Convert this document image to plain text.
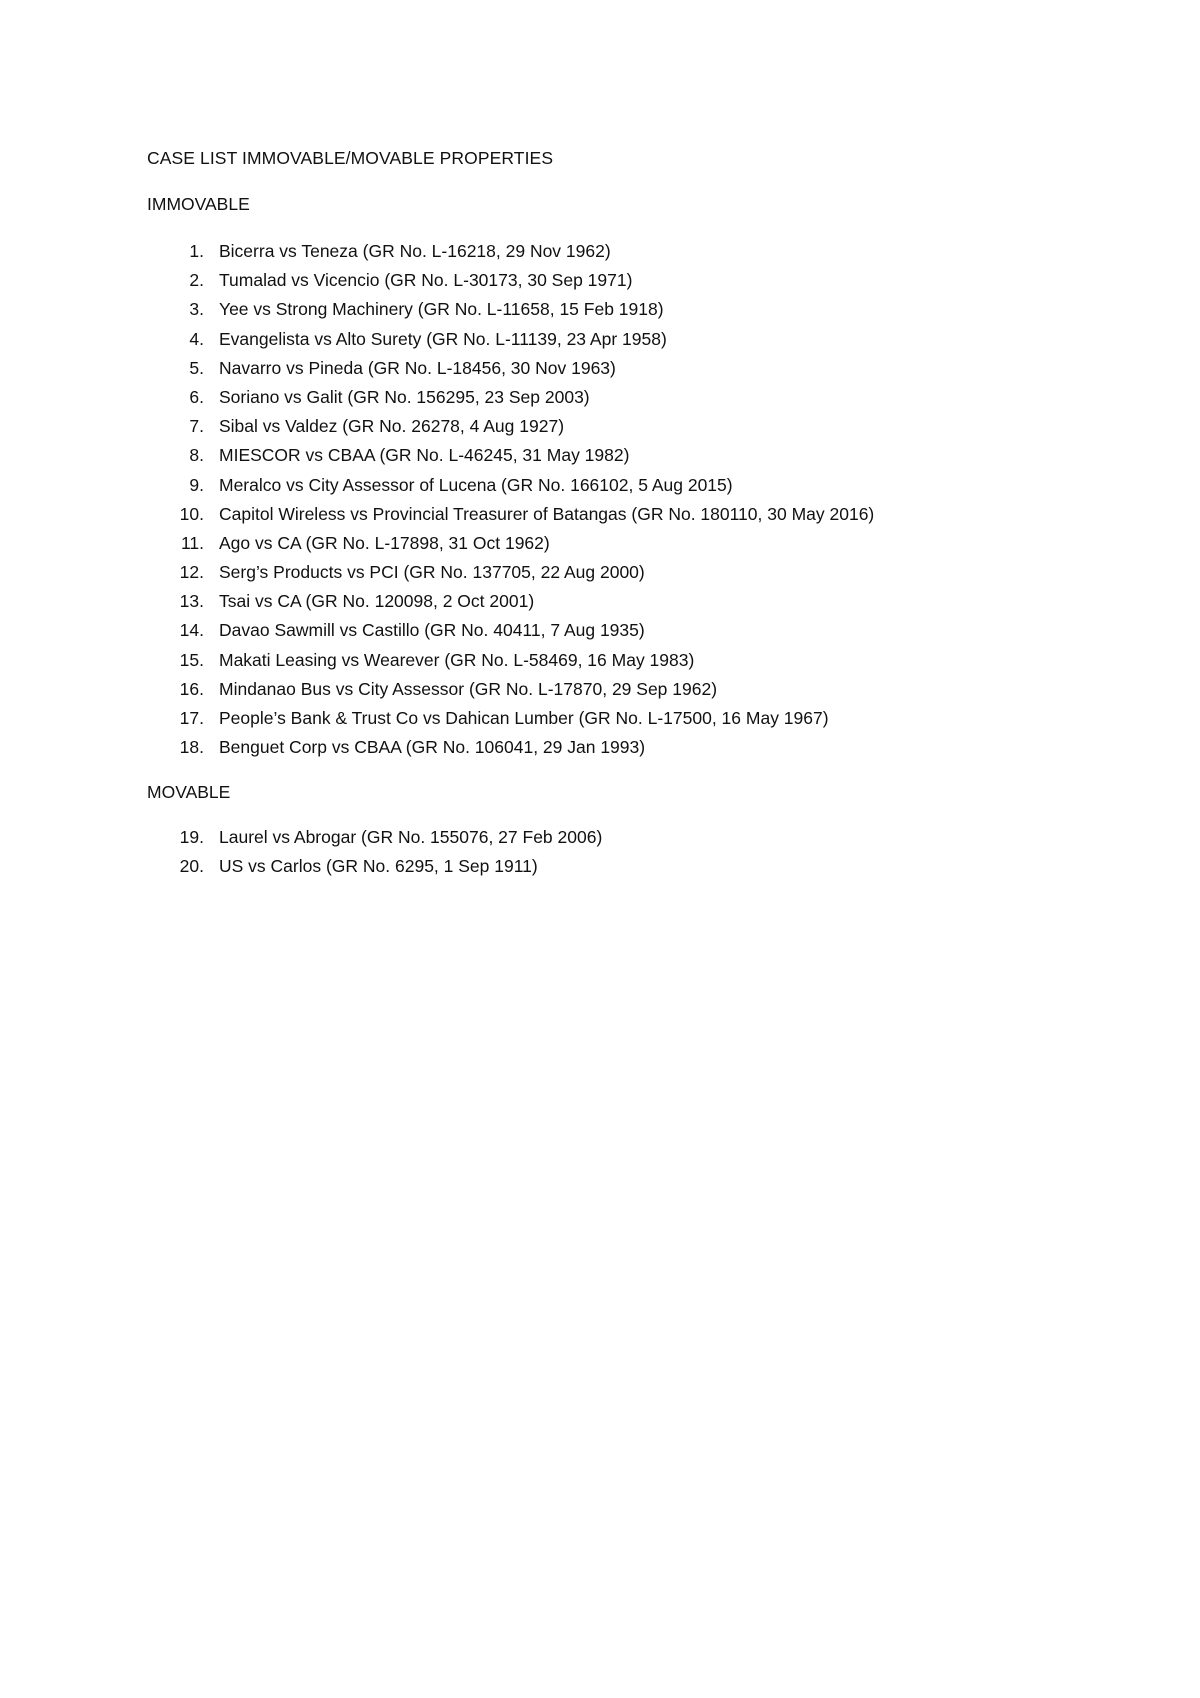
CASE LIST IMMOVABLE/MOVABLE PROPERTIES
IMMOVABLE
1. Bicerra vs Teneza (GR No. L-16218, 29 Nov 1962)
2. Tumalad vs Vicencio (GR No. L-30173, 30 Sep 1971)
3. Yee vs Strong Machinery (GR No. L-11658, 15 Feb 1918)
4. Evangelista vs Alto Surety (GR No. L-11139, 23 Apr 1958)
5. Navarro vs Pineda (GR No. L-18456, 30 Nov 1963)
6. Soriano vs Galit (GR No. 156295, 23 Sep 2003)
7. Sibal vs Valdez (GR No. 26278, 4 Aug 1927)
8. MIESCOR vs CBAA (GR No. L-46245, 31 May 1982)
9. Meralco vs City Assessor of Lucena (GR No. 166102, 5 Aug 2015)
10. Capitol Wireless vs Provincial Treasurer of Batangas (GR No. 180110, 30 May 2016)
11. Ago vs CA (GR No. L-17898, 31 Oct 1962)
12. Serg’s Products vs PCI (GR No. 137705, 22 Aug 2000)
13. Tsai vs CA (GR No. 120098, 2 Oct 2001)
14. Davao Sawmill vs Castillo (GR No. 40411, 7 Aug 1935)
15. Makati Leasing vs Wearever (GR No. L-58469, 16 May 1983)
16. Mindanao Bus vs City Assessor (GR No. L-17870, 29 Sep 1962)
17. People’s Bank & Trust Co vs Dahican Lumber (GR No. L-17500, 16 May 1967)
18. Benguet Corp vs CBAA (GR No. 106041, 29 Jan 1993)
MOVABLE
19. Laurel vs Abrogar (GR No. 155076, 27 Feb 2006)
20. US vs Carlos (GR No. 6295, 1 Sep 1911)
